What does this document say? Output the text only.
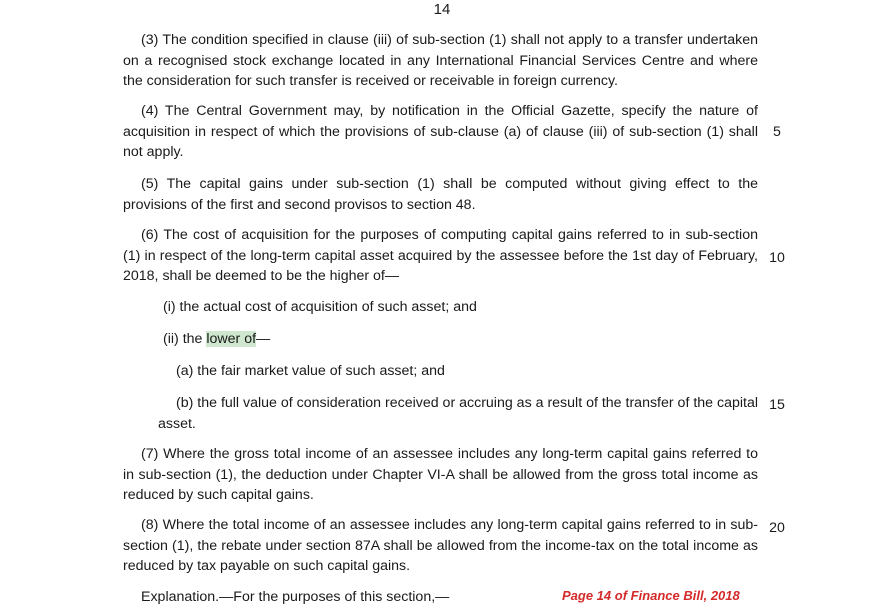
14
(3) The condition specified in clause (iii) of sub-section (1) shall not apply to a transfer undertaken on a recognised stock exchange located in any International Financial Services Centre and where the consideration for such transfer is received or receivable in foreign currency.
(4) The Central Government may, by notification in the Official Gazette, specify the nature of acquisition in respect of which the provisions of sub-clause (a) of clause (iii) of sub-section (1) shall not apply.
5
(5) The capital gains under sub-section (1) shall be computed without giving effect to the provisions of the first and second provisos to section 48.
(6) The cost of acquisition for the purposes of computing capital gains referred to in sub-section (1) in respect of the long-term capital asset acquired by the assessee before the 1st day of February, 2018, shall be deemed to be the higher of—
10
(i) the actual cost of acquisition of such asset; and
(ii) the lower of—
(a) the fair market value of such asset; and
(b) the full value of consideration received or accruing as a result of the transfer of the capital asset.
15
(7) Where the gross total income of an assessee includes any long-term capital gains referred to in sub-section (1), the deduction under Chapter VI-A shall be allowed from the gross total income as reduced by such capital gains.
(8) Where the total income of an assessee includes any long-term capital gains referred to in sub-section (1), the rebate under section 87A shall be allowed from the income-tax on the total income as reduced by tax payable on such capital gains.
20
Explanation.—For the purposes of this section,—	Page 14 of Finance Bill, 2018
